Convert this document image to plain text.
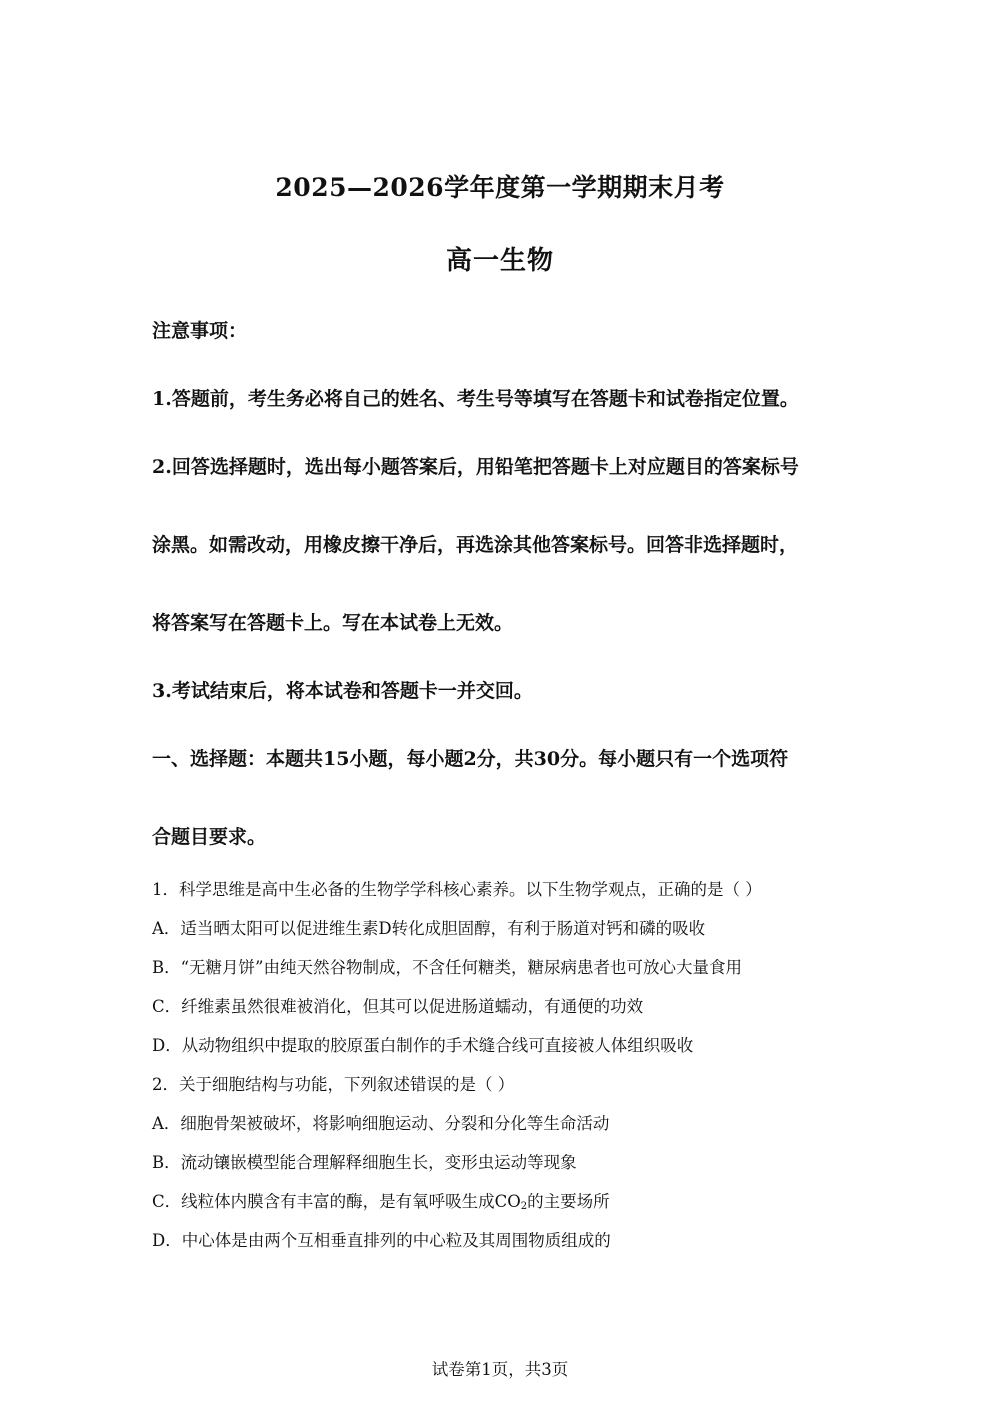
2025—2026学年度第一学期期末月考
高一生物
注意事项：
1.答题前，考生务必将自己的姓名、考生号等填写在答题卡和试卷指定位置。
2.回答选择题时，选出每小题答案后，用铅笔把答题卡上对应题目的答案标号
涂黑。如需改动，用橡皮擦干净后，再选涂其他答案标号。回答非选择题时，
将答案写在答题卡上。写在本试卷上无效。
3.考试结束后，将本试卷和答题卡一并交回。
一、选择题：本题共15小题，每小题2分，共30分。每小题只有一个选项符
合题目要求。
1．科学思维是高中生必备的生物学学科核心素养。以下生物学观点，正确的是（ ）
A．适当晒太阳可以促进维生素D转化成胆固醇，有利于肠道对钙和磷的吸收
B．“无糖月饼”由纯天然谷物制成，不含任何糖类，糖尿病患者也可放心大量食用
C．纤维素虽然很难被消化，但其可以促进肠道蠕动，有通便的功效
D．从动物组织中提取的胶原蛋白制作的手术缝合线可直接被人体组织吸收
2．关于细胞结构与功能，下列叙述错误的是（ ）
A．细胞骨架被破坏，将影响细胞运动、分裂和分化等生命活动
B．流动镶嵌模型能合理解释细胞生长，变形虫运动等现象
C．线粒体内膜含有丰富的酶，是有氧呼吸生成$CO_2$的主要场所
D．中心体是由两个互相垂直排列的中心粒及其周围物质组成的
试卷第1页，共3页
